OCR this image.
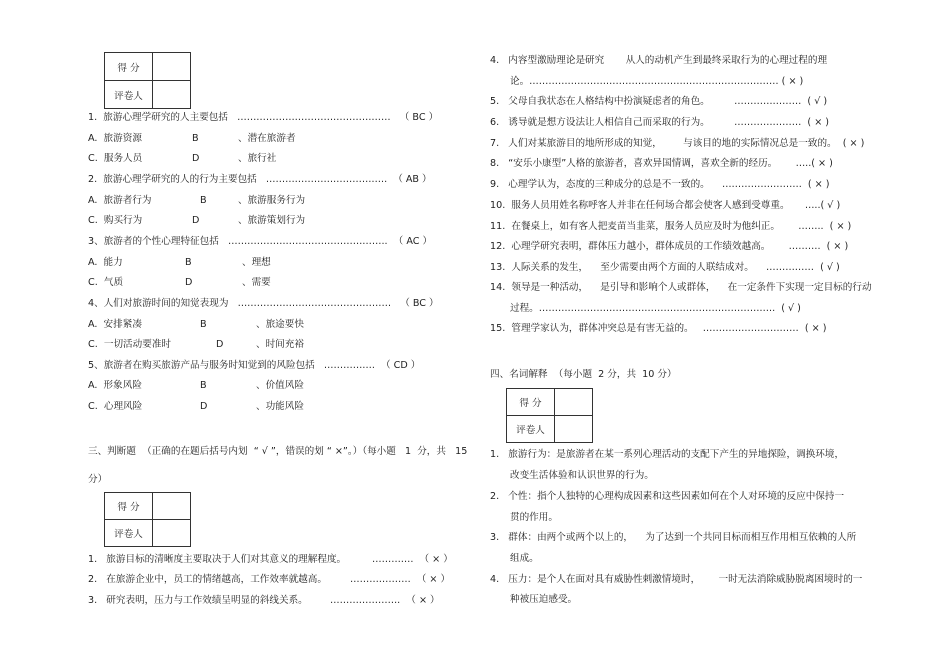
得 分	
评卷人	
1.  旅游心理学研究的人主要包括   …………………………………………   （ BC ）
A.  旅游资源	B	、潜在旅游者
C.  服务人员	D	、旅行社
2.  旅游心理学研究的人的行为主要包括   ………………………………..  （ AB ）
A.  旅游者行为	B	、旅游服务行为
C.  购买行为	D	、旅游策划行为
3、旅游者的个性心理特征包括   …………………………………………..  （ AC ）
A.  能力	B	、理想
C.  气质	D	、需要
4、人们对旅游时间的知觉表现为   …………………………………………   （ BC ）
A.  安排紧凑	B	、旅途要快
C.  一切活动要准时	D	、时间充裕
5、旅游者在购买旅游产品与服务时知觉到的风险包括   …………….  （ CD ）
A.  形象风险	B	、价值风险
C.  心理风险	D	、功能风险
三、判断题  （正确的在题后括号内划  “ √ ”，错误的划 “ ×”。）（每小题   1  分，共   15
分）
得 分	
评卷人	
1.   旅游目标的清晰度主要取决于人们对其意义的理解程度。	………….  （ × ）
2.   在旅游企业中，员工的情绪越高，工作效率就越高。 ……………….  （ × ）
3.   研究表明，压力与工作效绩呈明显的斜线关系。 ………………….  （ × ）
4.   内容型激励理论是研究       从人的动机产生到最终采取行为的心理过程的理
论。…………………………………………………………………… ( × )
5.   父母自我状态在人格结构中扮演疑虑者的角色。        …………………  ( √ )
6.   诱导就是想方设法让人相信自己而采取的行为。        …………………  ( × )
7.   人们对某旅游目的地所形成的知觉，       与该目的地的实际情况总是一致的。  ( × )
8.   “安乐小康型”人格的旅游者，喜欢异国情调，喜欢全新的经历。      …..( × )
9.   心理学认为，态度的三种成分的总是不一致的。    …………………….  ( × )
10.  服务人员用姓名称呼客人并非在任何场合都会使客人感到受尊重。     …..( √ )
11.  在餐桌上，如有客人把麦苗当韭菜，服务人员应及时为他纠正。      ……..  ( × )
12.  心理学研究表明，群体压力越小，群体成员的工作绩效越高。      ……….  ( × )
13.  人际关系的发生，    至少需要由两个方面的人联结成对。    ……………  ( √ )
14.  领导是一种活动，    是引导和影响个人或群体，    在一定条件下实现一定目标的行动
过程。………………………………………………………………..  ( √ )
15.  管理学家认为，群体冲突总是有害无益的。   …………………………  ( × )
四、名词解释  （每小题  2 分，共  10 分）
得 分	
评卷人	
1.   旅游行为：是旅游者在某一系列心理活动的支配下产生的异地探险，调换环境，
改变生活体验和认识世界的行为。
2.   个性：指个人独特的心理构成因素和这些因素如何在个人对环境的反应中保持一
贯的作用。
3.   群体：由两个或两个以上的，    为了达到一个共同目标而相互作用相互依赖的人所
组成。
4.   压力：是个人在面对具有威胁性刺激情境时，      一时无法消除威胁脱离困境时的一
种被压迫感受。
